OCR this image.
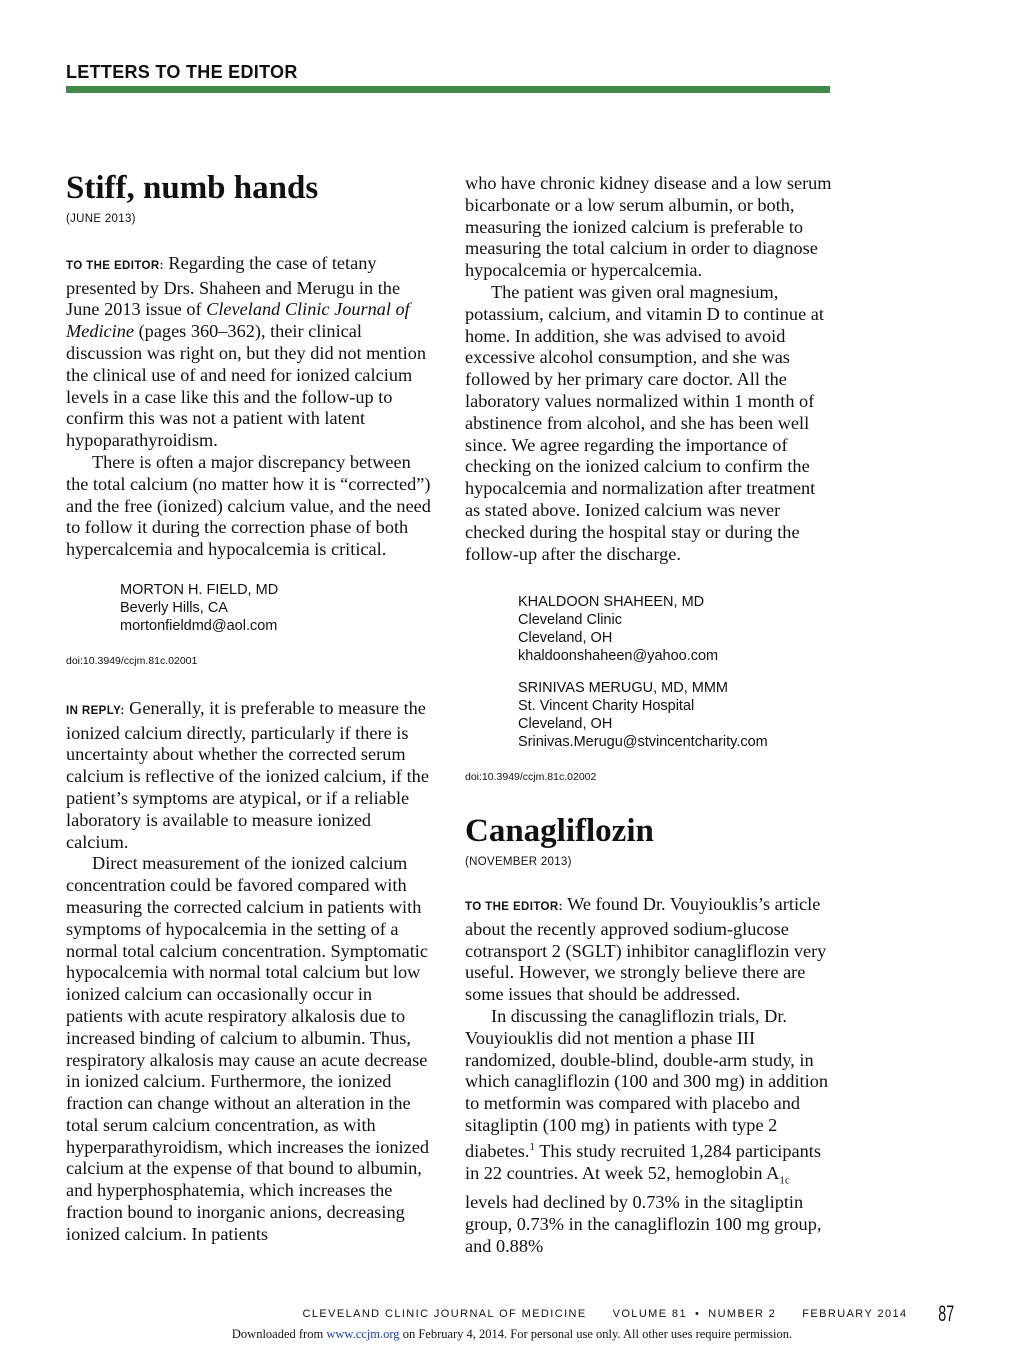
LETTERS TO THE EDITOR
Stiff, numb hands
(JUNE 2013)

TO THE EDITOR: Regarding the case of tetany presented by Drs. Shaheen and Merugu in the June 2013 issue of Cleveland Clinic Journal of Medicine (pages 360–362), their clinical discussion was right on, but they did not mention the clinical use of and need for ionized calcium levels in a case like this and the follow-up to confirm this was not a patient with latent hypoparathyroidism.

There is often a major discrepancy between the total calcium (no matter how it is “corrected”) and the free (ionized) calcium value, and the need to follow it during the correction phase of both hypercalcemia and hypocalcemia is critical.

MORTON H. FIELD, MD
Beverly Hills, CA
mortonfieldmd@aol.com
doi:10.3949/ccjm.81c.02001

IN REPLY: Generally, it is preferable to measure the ionized calcium directly, particularly if there is uncertainty about whether the corrected serum calcium is reflective of the ionized calcium, if the patient’s symptoms are atypical, or if a reliable laboratory is available to measure ionized calcium.

Direct measurement of the ionized calcium concentration could be favored compared with measuring the corrected calcium in patients with symptoms of hypocalcemia in the setting of a normal total calcium concentration. Symptomatic hypocalcemia with normal total calcium but low ionized calcium can occasionally occur in patients with acute respiratory alkalosis due to increased binding of calcium to albumin. Thus, respiratory alkalosis may cause an acute decrease in ionized calcium. Furthermore, the ionized fraction can change without an alteration in the total serum calcium concentration, as with hyperparathyroidism, which increases the ionized calcium at the expense of that bound to albumin, and hyperphosphatemia, which increases the fraction bound to inorganic anions, decreasing ionized calcium. In patients

who have chronic kidney disease and a low serum bicarbonate or a low serum albumin, or both, measuring the ionized calcium is preferable to measuring the total calcium in order to diagnose hypocalcemia or hypercalcemia.

The patient was given oral magnesium, potassium, calcium, and vitamin D to continue at home. In addition, she was advised to avoid excessive alcohol consumption, and she was followed by her primary care doctor. All the laboratory values normalized within 1 month of abstinence from alcohol, and she has been well since. We agree regarding the importance of checking on the ionized calcium to confirm the hypocalcemia and normalization after treatment as stated above. Ionized calcium was never checked during the hospital stay or during the follow-up after the discharge.

KHALDOON SHAHEEN, MD
Cleveland Clinic
Cleveland, OH
khaldoonshaheen@yahoo.com
SRINIVAS MERUGU, MD, MMM
St. Vincent Charity Hospital
Cleveland, OH
Srinivas.Merugu@stvincentcharity.com
doi:10.3949/ccjm.81c.02002
Canagliflozin
(NOVEMBER 2013)

TO THE EDITOR: We found Dr. Vouyiouklis’s article about the recently approved sodium-glucose cotransport 2 (SGLT) inhibitor canagliflozin very useful. However, we strongly believe there are some issues that should be addressed.

In discussing the canagliflozin trials, Dr. Vouyiouklis did not mention a phase III randomized, double-blind, double-arm study, in which canagliflozin (100 and 300 mg) in addition to metformin was compared with placebo and sitagliptin (100 mg) in patients with type 2 diabetes.$^1$ This study recruited 1,284 participants in 22 countries. At week 52, hemoglobin $A_{1c}$ levels had declined by 0.73% in the sitagliptin group, 0.73% in the canagliflozin 100 mg group, and 0.88%

CLEVELAND CLINIC JOURNAL OF MEDICINE VOLUME 81 • NUMBER 2 FEBRUARY 2014 87
Downloaded from www.ccjm.org on February 4, 2014. For personal use only. All other uses require permission.
